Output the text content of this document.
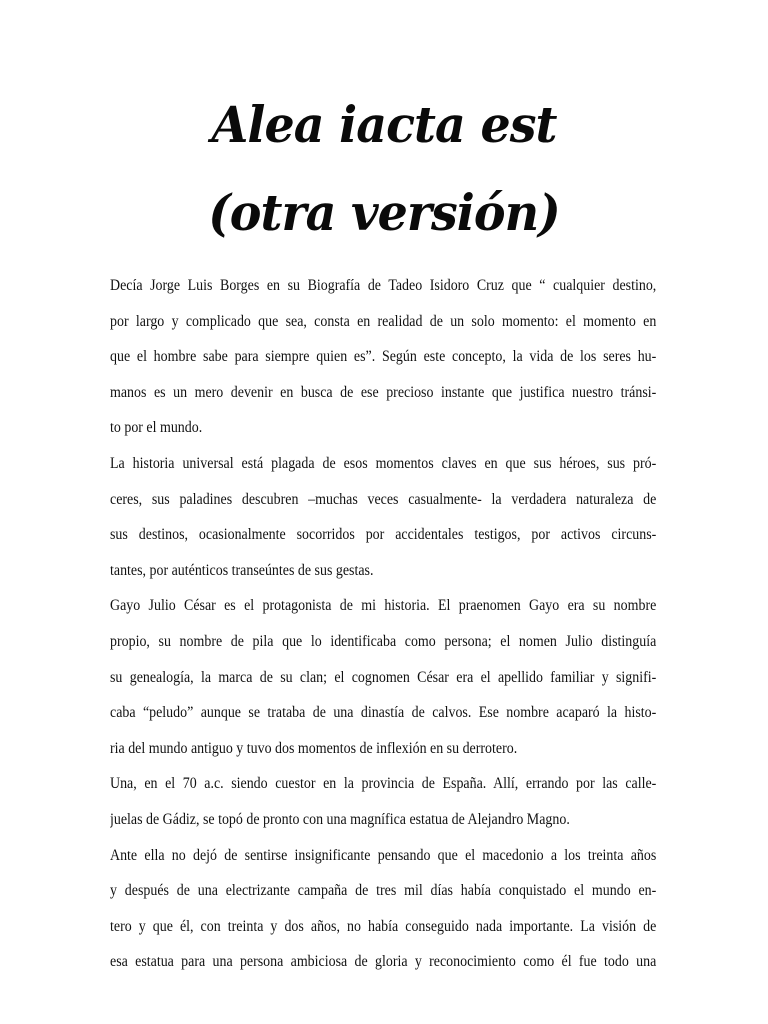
Alea iacta est
(otra versión)
Decía Jorge Luis Borges en su Biografía de Tadeo Isidoro Cruz que “ cualquier destino,
por largo y complicado que sea, consta en realidad de un solo momento: el momento en
que el hombre sabe para siempre quien es”. Según este concepto, la vida de los seres hu-
manos es un mero devenir en busca de ese precioso instante que justifica nuestro tránsi-
to por el mundo.
La historia universal está plagada de esos momentos claves en que sus héroes, sus pró-
ceres, sus paladines descubren –muchas veces casualmente- la verdadera naturaleza de
sus destinos, ocasionalmente socorridos por accidentales testigos, por activos circuns-
tantes, por auténticos transeúntes de sus gestas.
Gayo Julio César es el protagonista de mi historia. El praenomen Gayo era su nombre
propio, su nombre de pila que lo identificaba como persona; el nomen Julio distinguía
su genealogía, la marca de su clan; el cognomen César era el apellido familiar y signifi-
caba “peludo” aunque se trataba de una dinastía de calvos. Ese nombre acaparó la histo-
ria del mundo antiguo y tuvo dos momentos de inflexión en su derrotero.
Una, en el 70 a.c. siendo cuestor en la provincia de España. Allí, errando por las calle-
juelas de Gádiz, se topó de pronto con una magnífica estatua de Alejandro Magno.
Ante ella no dejó de sentirse insignificante pensando que el macedonio a los treinta años
y después de una electrizante campaña de tres mil días había conquistado el mundo en-
tero y que él, con treinta y dos años, no había conseguido nada importante. La visión de
esa estatua para una persona ambiciosa de gloria y reconocimiento como él fue todo una
